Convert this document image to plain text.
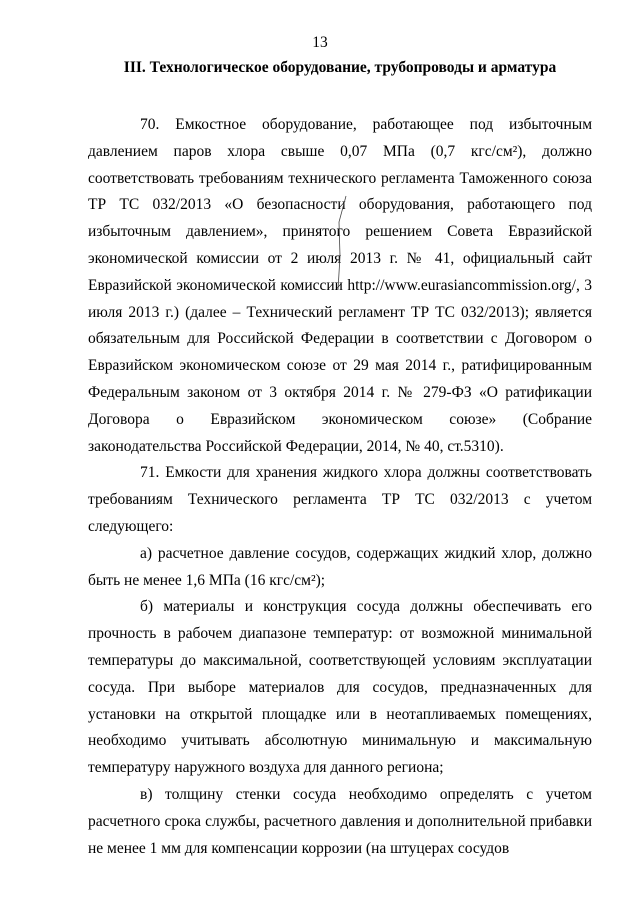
13
III. Технологическое оборудование, трубопроводы и арматура

70. Емкостное оборудование, работающее под избыточным давлением паров хлора свыше 0,07 МПа (0,7 кгс/см²), должно соответствовать требованиям технического регламента Таможенного союза ТР ТС 032/2013 «О безопасности оборудования, работающего под избыточным давлением», принятого решением Совета Евразийской экономической комиссии от 2 июля 2013 г. № 41, официальный сайт Евразийской экономической комиссии http://www.eurasiancommission.org/, 3 июля 2013 г.) (далее – Технический регламент ТР ТС 032/2013); является обязательным для Российской Федерации в соответствии с Договором о Евразийском экономическом союзе от 29 мая 2014 г., ратифицированным Федеральным законом от 3 октября 2014 г. № 279-ФЗ «О ратификации Договора о Евразийском экономическом союзе» (Собрание законодательства Российской Федерации, 2014, № 40, ст.5310).

71. Емкости для хранения жидкого хлора должны соответствовать требованиям Технического регламента ТР ТС 032/2013 с учетом следующего:

а) расчетное давление сосудов, содержащих жидкий хлор, должно быть не менее 1,6 МПа (16 кгс/см²);

б) материалы и конструкция сосуда должны обеспечивать его прочность в рабочем диапазоне температур: от возможной минимальной температуры до максимальной, соответствующей условиям эксплуатации сосуда. При выборе материалов для сосудов, предназначенных для установки на открытой площадке или в неотапливаемых помещениях, необходимо учитывать абсолютную минимальную и максимальную температуру наружного воздуха для данного региона;

в) толщину стенки сосуда необходимо определять с учетом расчетного срока службы, расчетного давления и дополнительной прибавки не менее 1 мм для компенсации коррозии (на штуцерах сосудов
